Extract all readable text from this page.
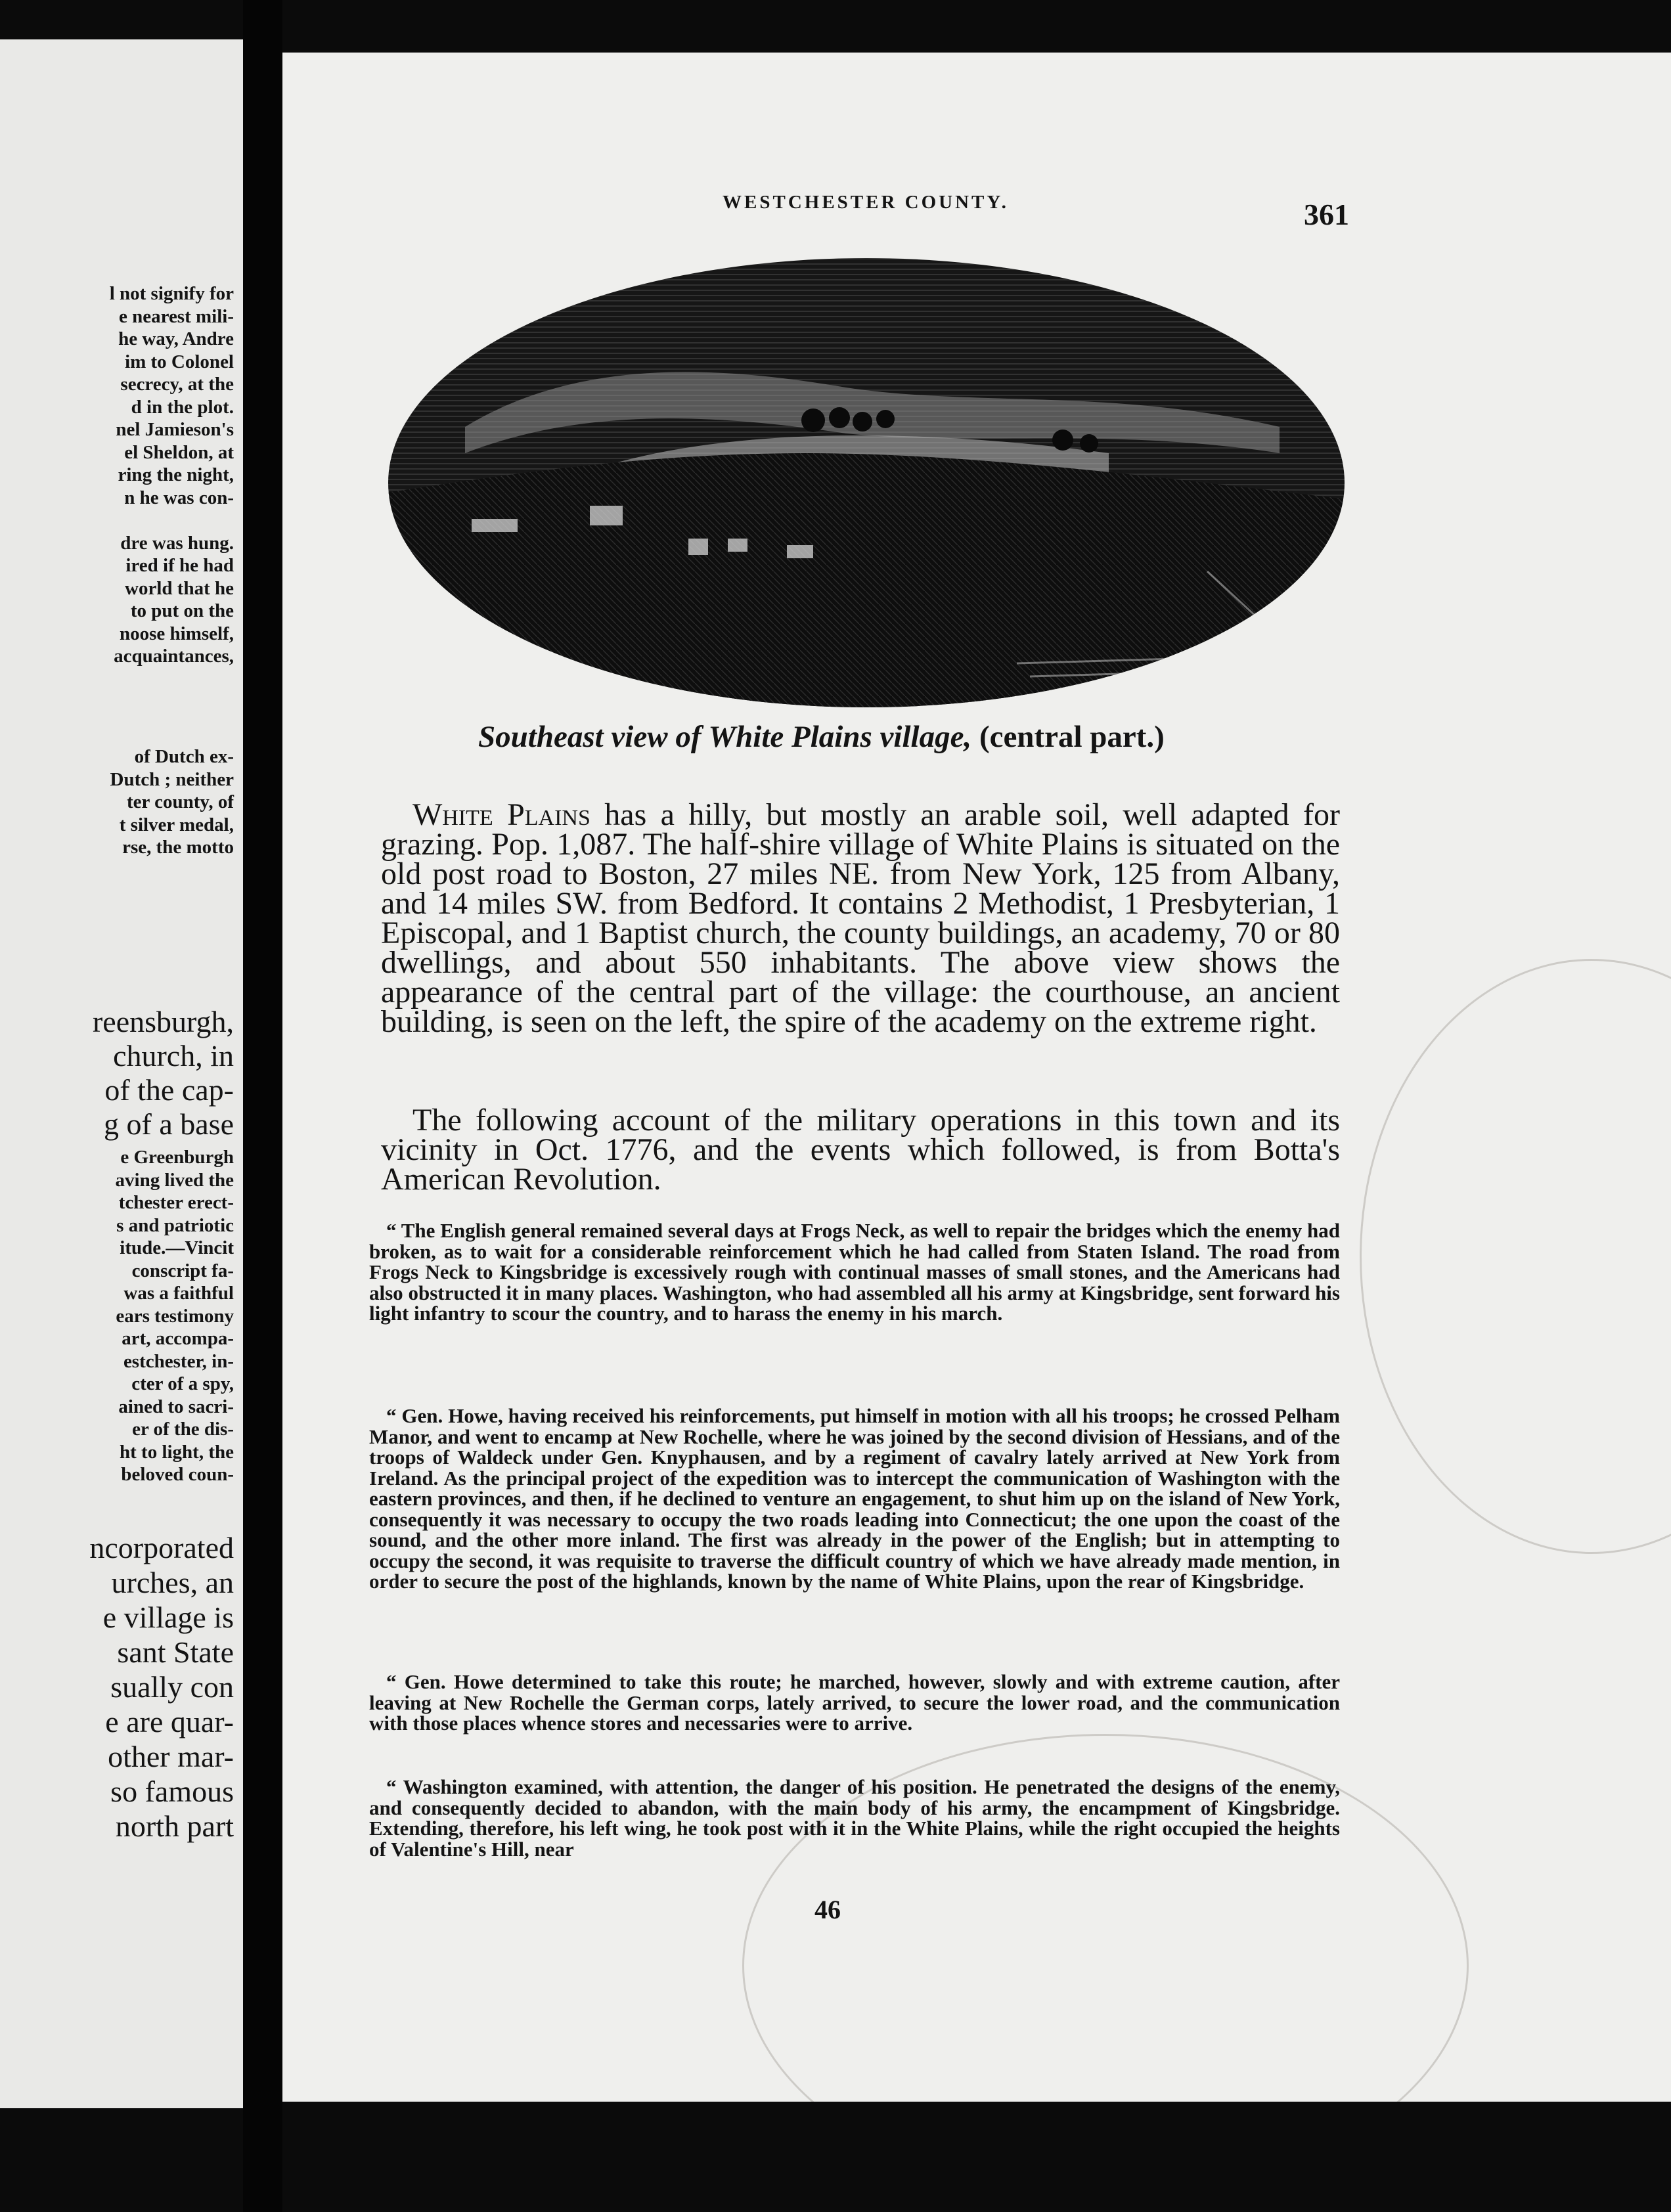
l not signify for
e nearest mili-
he way, Andre
im to Colonel
secrecy, at the
d in the plot.
nel Jamieson's
el Sheldon, at
ring the night,
n he was con-

dre was hung.
ired if he had
world that he
to put on the
noose himself,
acquaintances,
of Dutch ex-
Dutch ; neither
ter county, of
t silver medal,
rse, the motto
reensburgh,
church, in
of the cap-
g of a base
e Greenburgh
aving lived the
tchester erect-
s and patriotic
itude.—Vincit
conscript fa-
was a faithful
ears testimony
art, accompa-
estchester, in-
cter of a spy,
ained to sacri-
er of the dis-
ht to light, the
beloved coun-
ncorporated
urches, an
e village is
sant State
sually con
e are quar-
other mar-
so famous
north part
WESTCHESTER COUNTY.	361
Southeast view of White Plains village, (central part.)

White Plains has a hilly, but mostly an arable soil, well adapted for grazing. Pop. 1,087. The half-shire village of White Plains is situated on the old post road to Boston, 27 miles NE. from New York, 125 from Albany, and 14 miles SW. from Bedford. It contains 2 Methodist, 1 Presbyterian, 1 Episcopal, and 1 Baptist church, the county buildings, an academy, 70 or 80 dwellings, and about 550 inhabitants. The above view shows the appearance of the central part of the village: the courthouse, an ancient building, is seen on the left, the spire of the academy on the extreme right.

The following account of the military operations in this town and its vicinity in Oct. 1776, and the events which followed, is from Botta's American Revolution.

“ The English general remained several days at Frogs Neck, as well to repair the bridges which the enemy had broken, as to wait for a considerable reinforcement which he had called from Staten Island. The road from Frogs Neck to Kingsbridge is excessively rough with continual masses of small stones, and the Americans had also obstructed it in many places. Washington, who had assembled all his army at Kingsbridge, sent forward his light infantry to scour the country, and to harass the enemy in his march.

“ Gen. Howe, having received his reinforcements, put himself in motion with all his troops; he crossed Pelham Manor, and went to encamp at New Rochelle, where he was joined by the second division of Hessians, and of the troops of Waldeck under Gen. Knyphausen, and by a regiment of cavalry lately arrived at New York from Ireland. As the principal project of the expedition was to intercept the communication of Washington with the eastern provinces, and then, if he declined to venture an engagement, to shut him up on the island of New York, consequently it was necessary to occupy the two roads leading into Connecticut; the one upon the coast of the sound, and the other more inland. The first was already in the power of the English; but in attempting to occupy the second, it was requisite to traverse the difficult country of which we have already made mention, in order to secure the post of the highlands, known by the name of White Plains, upon the rear of Kingsbridge.

“ Gen. Howe determined to take this route; he marched, however, slowly and with extreme caution, after leaving at New Rochelle the German corps, lately arrived, to secure the lower road, and the communication with those places whence stores and necessaries were to arrive.

“ Washington examined, with attention, the danger of his position. He penetrated the designs of the enemy, and consequently decided to abandon, with the main body of his army, the encampment of Kingsbridge. Extending, therefore, his left wing, he took post with it in the White Plains, while the right occupied the heights of Valentine's Hill, near

46
